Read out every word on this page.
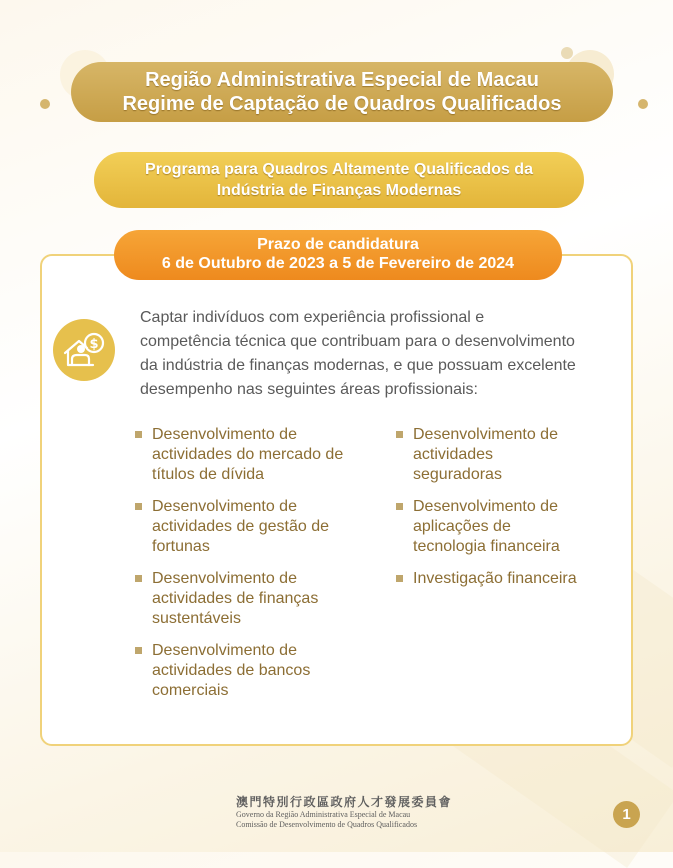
Região Administrativa Especial de Macau
Regime de Captação de Quadros Qualificados
Programa para Quadros Altamente Qualificados da
Indústria de Finanças Modernas
Prazo de candidatura
6 de Outubro de 2023 a 5 de Fevereiro de 2024
$
Captar indivíduos com experiência profissional e
competência técnica que contribuam para o desenvolvimento
da indústria de finanças modernas, e que possuam excelente
desempenho nas seguintes áreas profissionais:
Desenvolvimento de
actividades do mercado de
títulos de dívida
Desenvolvimento de
actividades de gestão de
fortunas
Desenvolvimento de
actividades de finanças
sustentáveis
Desenvolvimento de
actividades de bancos
comerciais
Desenvolvimento de
actividades
seguradoras
Desenvolvimento de
aplicações de
tecnologia financeira
Investigação financeira
澳門特別行政區政府人才發展委員會
Governo da Região Administrativa Especial de Macau
Comissão de Desenvolvimento de Quadros Qualificados
1
